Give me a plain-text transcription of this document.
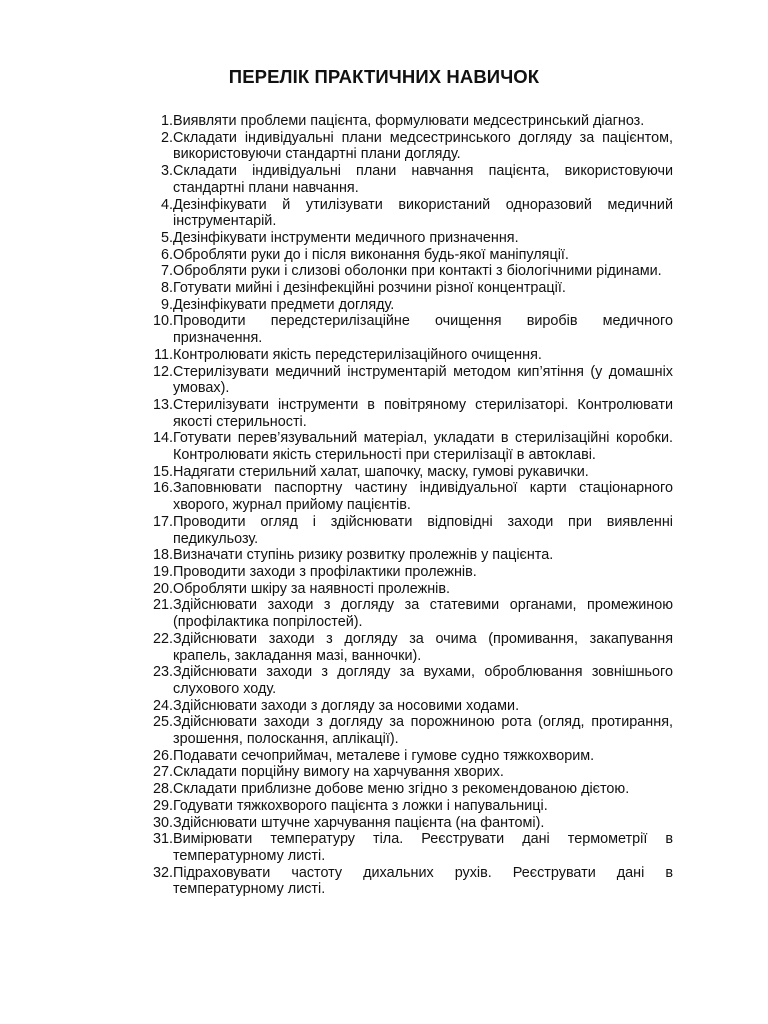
ПЕРЕЛІК ПРАКТИЧНИХ НАВИЧОК
1. Виявляти проблеми пацієнта, формулювати медсестринський діагноз.
2. Складати індивідуальні плани медсестринського догляду за пацієнтом, використовуючи стандартні плани догляду.
3. Складати індивідуальні плани навчання пацієнта, використовуючи стандартні плани навчання.
4. Дезінфікувати й утилізувати використаний одноразовий медичний інструментарій.
5. Дезінфікувати інструменти медичного призначення.
6. Обробляти руки до і після виконання будь-якої маніпуляції.
7. Обробляти руки і слизові оболонки при контакті з біологічними рідинами.
8. Готувати мийні і дезінфекційні розчини різної концентрації.
9. Дезінфікувати предмети догляду.
10. Проводити передстерилізаційне очищення виробів медичного призначення.
11. Контролювати якість передстерилізаційного очищення.
12. Стерилізувати медичний інструментарій методом кип’ятіння (у домашніх умовах).
13. Стерилізувати інструменти в повітряному стерилізаторі. Контролювати якості стерильності.
14. Готувати перев’язувальний матеріал, укладати в стерилізаційні коробки. Контролювати якість стерильності при стерилізації в автоклаві.
15. Надягати стерильний халат, шапочку, маску, гумові рукавички.
16. Заповнювати паспортну частину індивідуальної карти стаціонарного хворого, журнал прийому пацієнтів.
17. Проводити огляд і здійснювати відповідні заходи при виявленні педикульозу.
18. Визначати ступінь ризику розвитку пролежнів у пацієнта.
19. Проводити заходи з профілактики пролежнів.
20. Обробляти шкіру за наявності пролежнів.
21. Здійснювати заходи з догляду за статевими органами, промежиною (профілактика попрілостей).
22. Здійснювати заходи з догляду за очима (промивання, закапування крапель, закладання мазі, ванночки).
23. Здійснювати заходи з догляду за вухами, оброблювання зовнішнього слухового ходу.
24. Здійснювати заходи з догляду за носовими ходами.
25. Здійснювати заходи з догляду за порожниною рота (огляд, протирання, зрошення, полоскання, аплікації).
26. Подавати сечоприймач, металеве і гумове судно тяжкохворим.
27. Складати порційну вимогу на харчування хворих.
28. Складати приблизне добове меню згідно з рекомендованою дієтою.
29. Годувати тяжкохворого пацієнта з ложки і напувальниці.
30. Здійснювати штучне харчування пацієнта (на фантомі).
31. Вимірювати температуру тіла. Реєструвати дані термометрії в температурному листі.
32. Підраховувати частоту дихальних рухів. Реєструвати дані в температурному листі.
